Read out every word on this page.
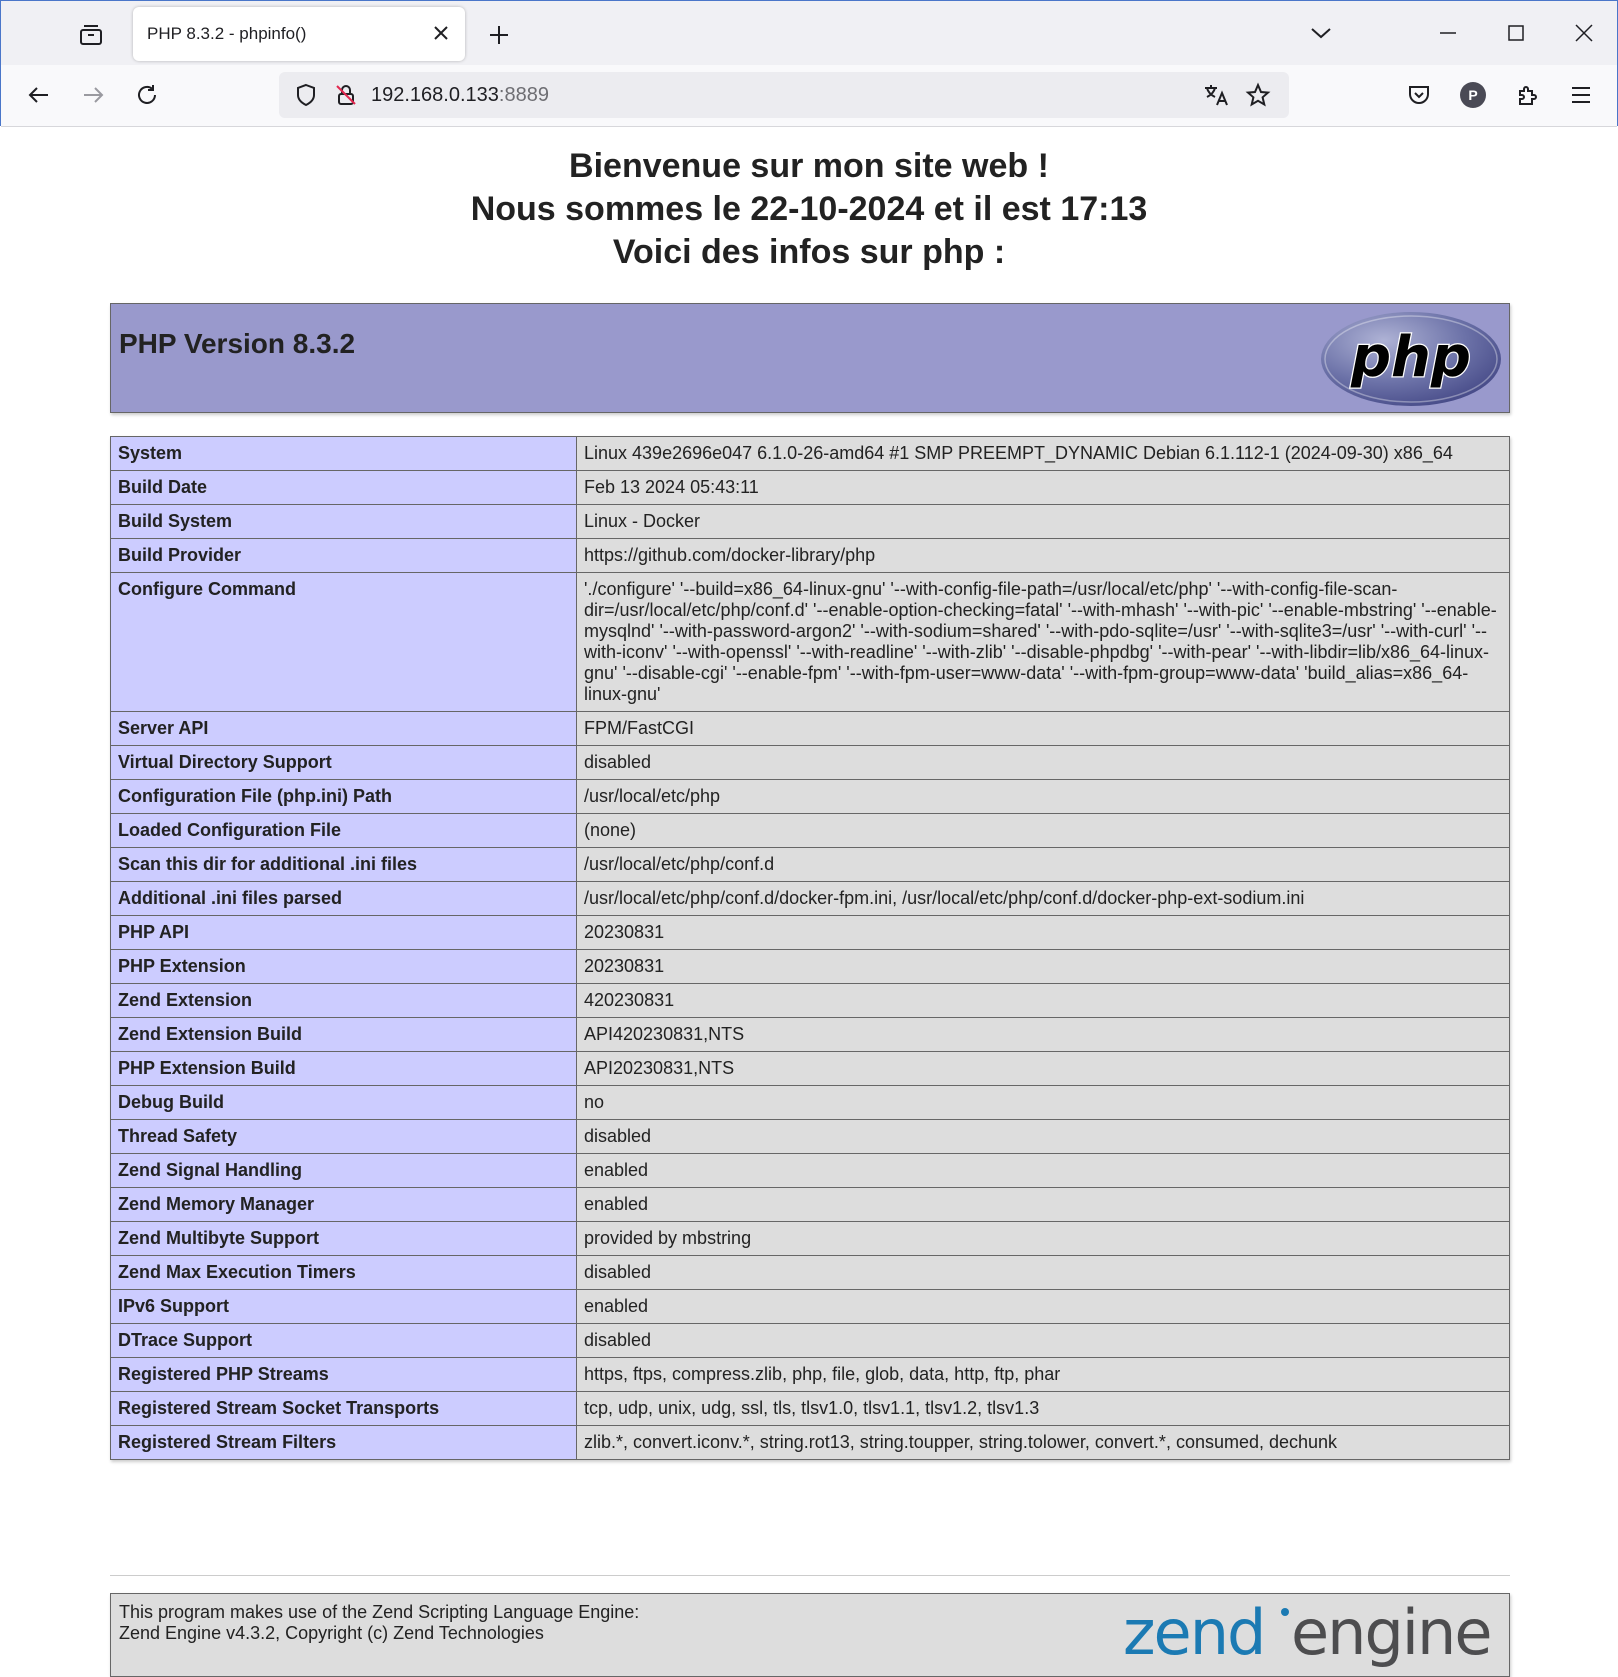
PHP 8.3.2 - phpinfo()
192.168.0.133:8889	P
Bienvenue sur mon site web !
Nous sommes le 22-10-2024 et il est 17:13
Voici des infos sur php :
PHP Version 8.3.2	php
System	Linux 439e2696e047 6.1.0-26-amd64 #1 SMP PREEMPT_DYNAMIC Debian 6.1.112-1 (2024-09-30) x86_64
Build Date	Feb 13 2024 05:43:11
Build System	Linux - Docker
Build Provider	https://github.com/docker-library/php
Configure Command	'./configure' '--build=x86_64-linux-gnu' '--with-config-file-path=/usr/local/etc/php' '--with-config-file-scan-dir=/usr/local/etc/php/conf.d' '--enable-option-checking=fatal' '--with-mhash' '--with-pic' '--enable-mbstring' '--enable-mysqlnd' '--with-password-argon2' '--with-sodium=shared' '--with-pdo-sqlite=/usr' '--with-sqlite3=/usr' '--with-curl' '--with-iconv' '--with-openssl' '--with-readline' '--with-zlib' '--disable-phpdbg' '--with-pear' '--with-libdir=lib/x86_64-linux-gnu' '--disable-cgi' '--enable-fpm' '--with-fpm-user=www-data' '--with-fpm-group=www-data' 'build_alias=x86_64-linux-gnu'
Server API	FPM/FastCGI
Virtual Directory Support	disabled
Configuration File (php.ini) Path	/usr/local/etc/php
Loaded Configuration File	(none)
Scan this dir for additional .ini files	/usr/local/etc/php/conf.d
Additional .ini files parsed	/usr/local/etc/php/conf.d/docker-fpm.ini, /usr/local/etc/php/conf.d/docker-php-ext-sodium.ini
PHP API	20230831
PHP Extension	20230831
Zend Extension	420230831
Zend Extension Build	API420230831,NTS
PHP Extension Build	API20230831,NTS
Debug Build	no
Thread Safety	disabled
Zend Signal Handling	enabled
Zend Memory Manager	enabled
Zend Multibyte Support	provided by mbstring
Zend Max Execution Timers	disabled
IPv6 Support	enabled
DTrace Support	disabled
Registered PHP Streams	https, ftps, compress.zlib, php, file, glob, data, http, ftp, phar
Registered Stream Socket Transports	tcp, udp, unix, udg, ssl, tls, tlsv1.0, tlsv1.1, tlsv1.2, tlsv1.3
Registered Stream Filters	zlib.*, convert.iconv.*, string.rot13, string.toupper, string.tolower, convert.*, consumed, dechunk
This program makes use of the Zend Scripting Language Engine:
Zend Engine v4.3.2, Copyright (c) Zend Technologies	zend engine
